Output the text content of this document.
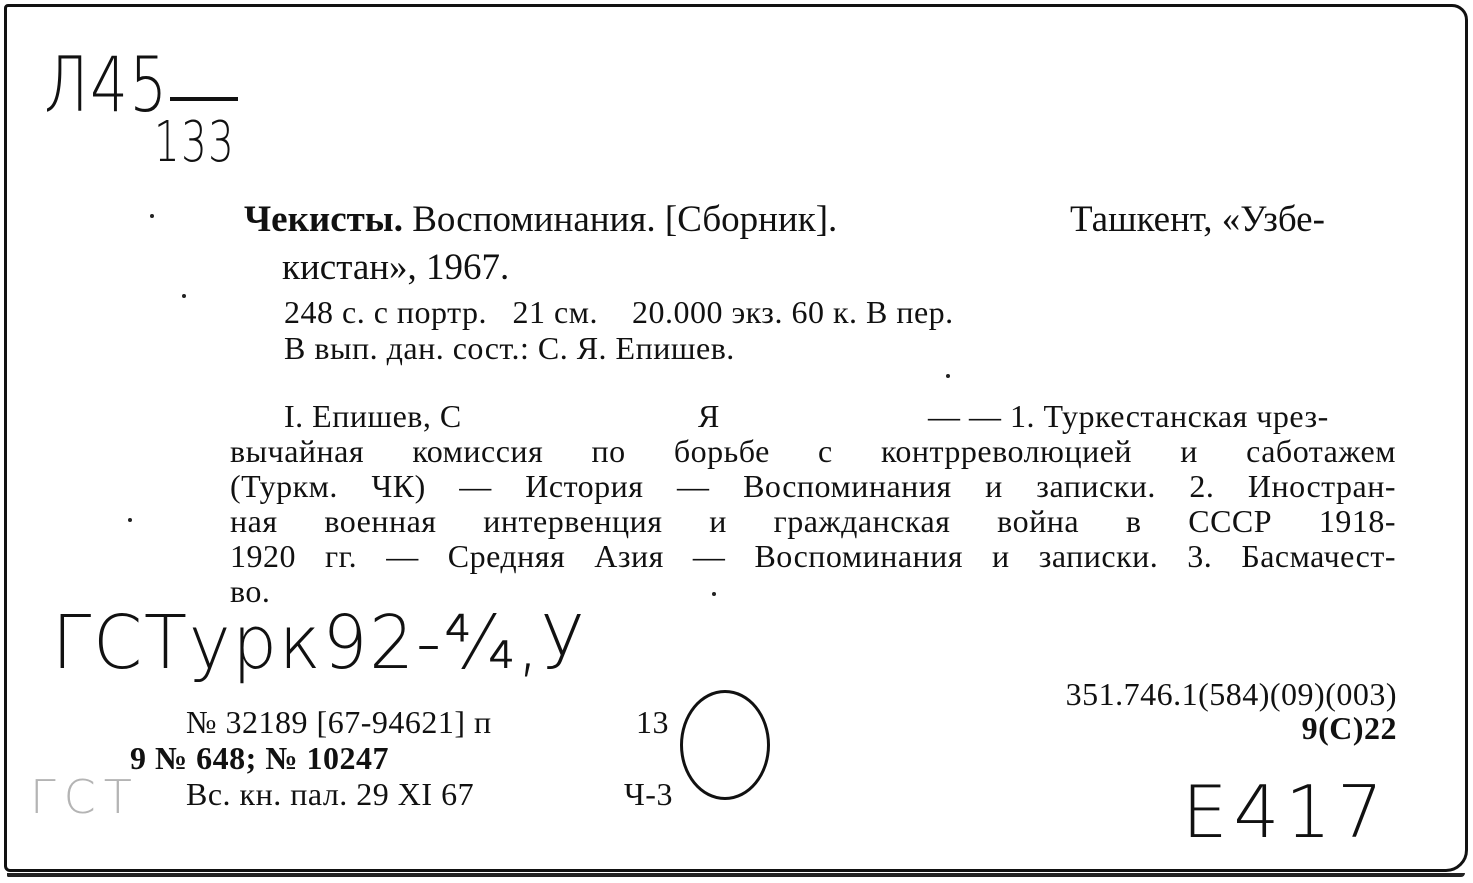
Л45
133
Чекисты. Воспоминания. [Сборник].	Ташкент, «Узбе-
кистан», 1967.
248 с. с портр.   21 см.    20.000 экз. 60 к. В пер.
В вып. дан. сост.: С. Я. Епишев.
I. Епишев, С	Я	— — 1. Туркестанская чрез-
вычайная комиссия по борьбе с контрреволюцией и саботажем
(Туркм. ЧК) — История — Воспоминания и записки. 2. Иностран-
ная военная интервенция и гражданская война в СССР 1918-
1920 гг. — Средняя Азия — Воспоминания и записки. 3. Басмачест-
во.
ГСТурк92-⁴⁄₄,У
351.746.1(584)(09)(003)
9(С)22
№ 32189 [67-94621] п	13
9 № 648; № 10247
Вс. кн. пал. 29 XI 67	Ч-3
ГСТ	Е417
